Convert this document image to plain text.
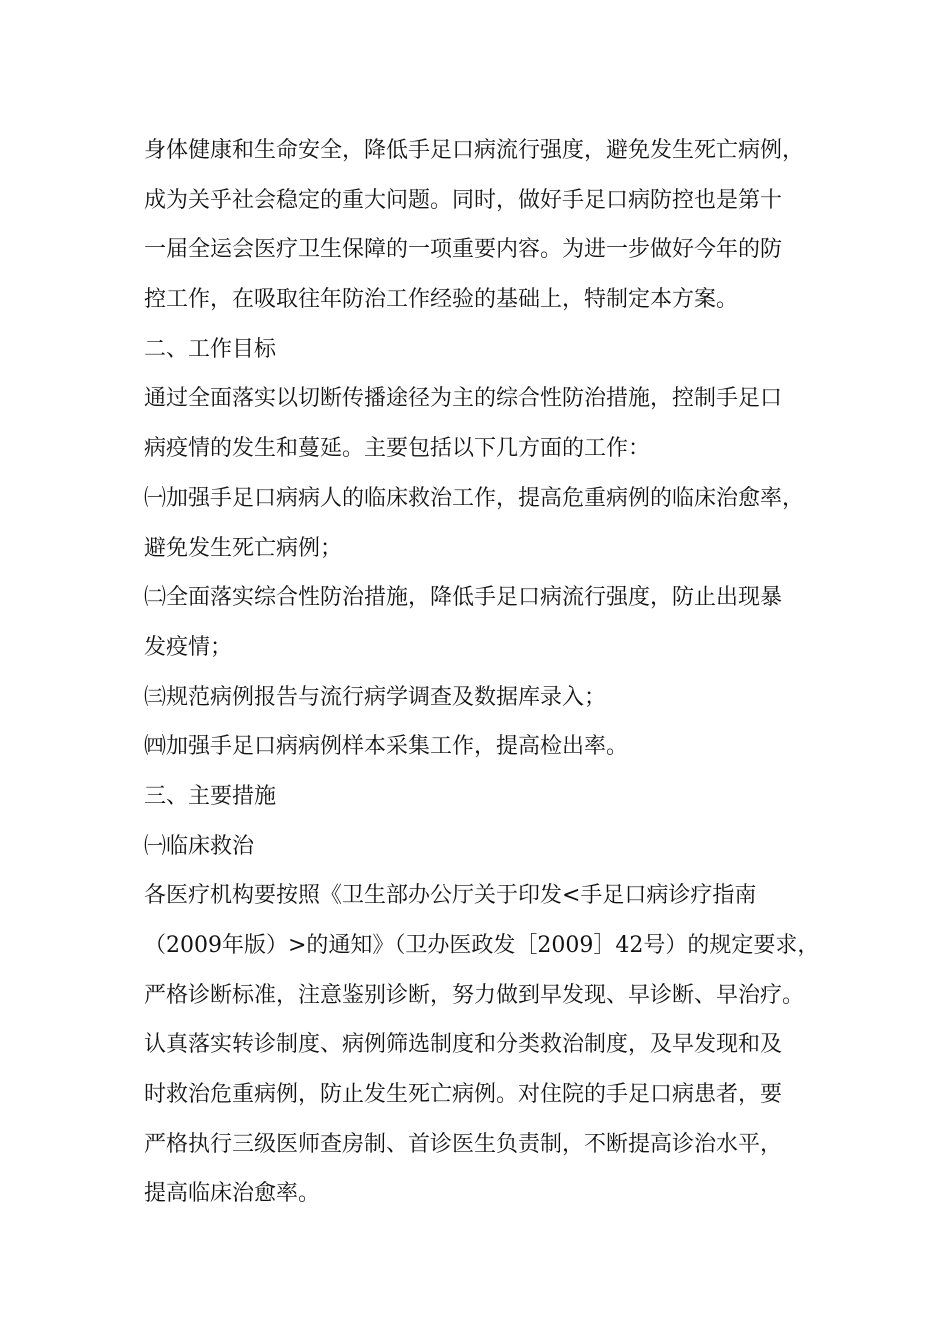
身体健康和生命安全，降低手足口病流行强度，避免发生死亡病例，
成为关乎社会稳定的重大问题。同时，做好手足口病防控也是第十
一届全运会医疗卫生保障的一项重要内容。为进一步做好今年的防
控工作，在吸取往年防治工作经验的基础上，特制定本方案。
二、工作目标
通过全面落实以切断传播途径为主的综合性防治措施，控制手足口
病疫情的发生和蔓延。主要包括以下几方面的工作：
㈠加强手足口病病人的临床救治工作，提高危重病例的临床治愈率，
避免发生死亡病例；
㈡全面落实综合性防治措施，降低手足口病流行强度，防止出现暴
发疫情；
㈢规范病例报告与流行病学调查及数据库录入；
㈣加强手足口病病例样本采集工作，提高检出率。
三、主要措施
㈠临床救治
各医疗机构要按照《卫生部办公厅关于印发<手足口病诊疗指南
（2009年版）>的通知》（卫办医政发［2009］42号）的规定要求，
严格诊断标准，注意鉴别诊断，努力做到早发现、早诊断、早治疗。
认真落实转诊制度、病例筛选制度和分类救治制度，及早发现和及
时救治危重病例，防止发生死亡病例。对住院的手足口病患者，要
严格执行三级医师查房制、首诊医生负责制，不断提高诊治水平，
提高临床治愈率。
